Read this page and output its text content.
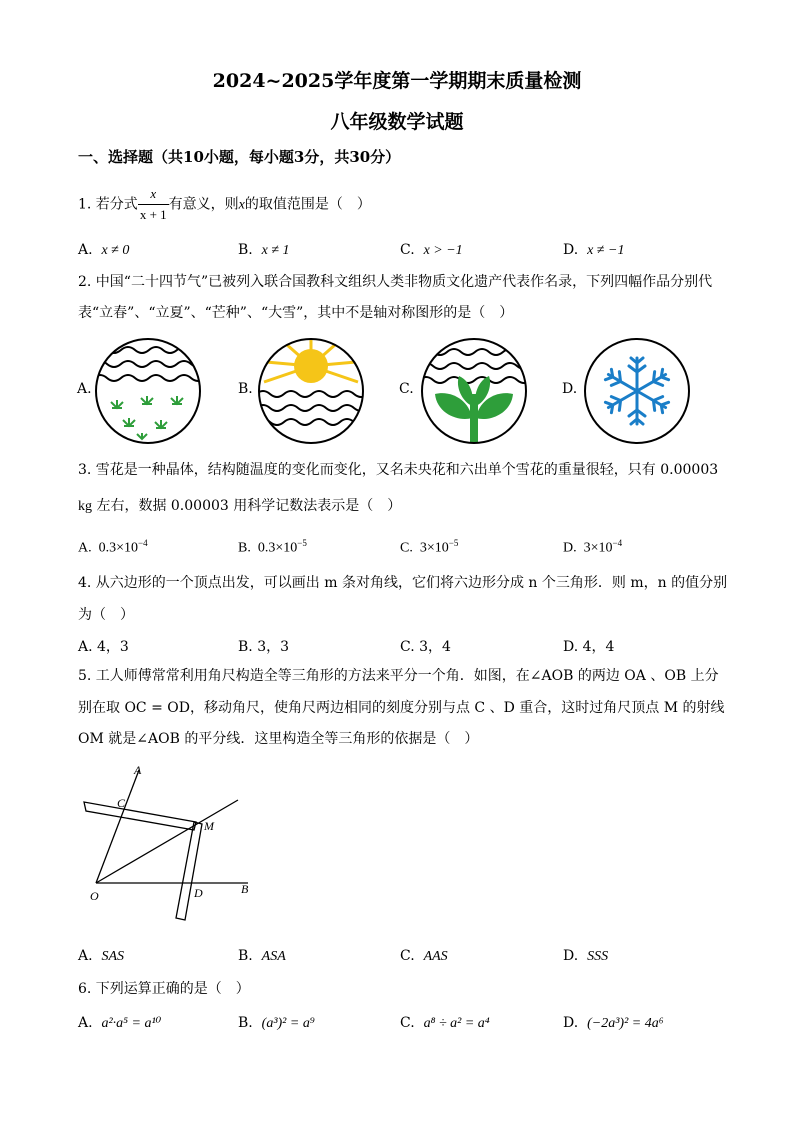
2024~2025学年度第一学期期末质量检测
八年级数学试题
一、选择题（共10小题，每小题3分，共30分）
1. 若分式 $\frac{x}{x + 1}$ 有意义，则x的取值范围是（　）
A. x ≠ 0	B. x ≠ 1	C. x > −1	D. x ≠ −1
2. 中国“二十四节气”已被列入联合国教科文组织人类非物质文化遗产代表作名录，下列四幅作品分别代
表“立春”、“立夏”、“芒种”、“大雪”，其中不是轴对称图形的是（　）
A.	B.	C.	D.
3. 雪花是一种晶体，结构随温度的变化而变化，又名未央花和六出单个雪花的重量很轻，只有 0.00003
kg 左右，数据 0.00003 用科学记数法表示是（　）
A. $0.3\times 10^{-4}$	B. $0.3\times 10^{-5}$	C. $3\times 10^{-5}$	D. $3\times 10^{-4}$
4. 从六边形的一个顶点出发，可以画出 m 条对角线，它们将六边形分成 n 个三角形．则 m，n 的值分别
为（　）
A. 4，3	B. 3，3	C. 3，4	D. 4，4
5. 工人师傅常常利用角尺构造全等三角形的方法来平分一个角．如图，在∠AOB 的两边 OA 、OB 上分
别在取 OC = OD，移动角尺，使角尺两边相同的刻度分别与点 C 、D 重合，这时过角尺顶点 M 的射线
OM 就是∠AOB 的平分线．这里构造全等三角形的依据是（　）
A
C
M
O	D	B
A. SAS	B. ASA	C. AAS	D. SSS
6. 下列运算正确的是（　）
A. a²·a⁵ = a¹⁰	B. (a³)² = a⁹	C. a⁸ ÷ a² = a⁴	D. (−2a³)² = 4a⁶
